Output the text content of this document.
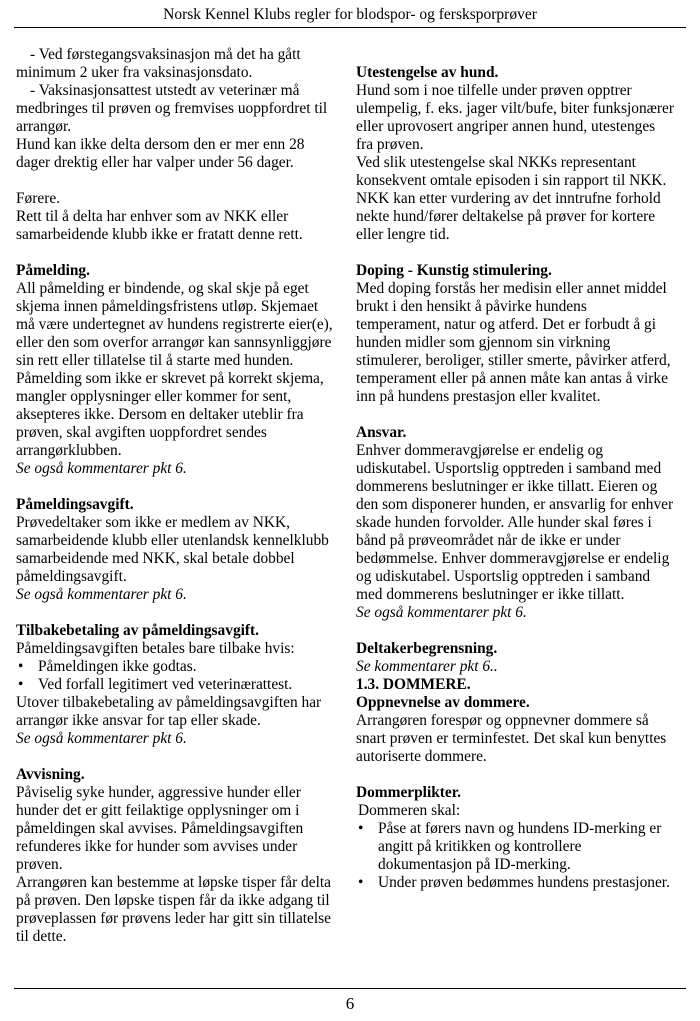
Norsk Kennel Klubs regler for blodspor- og fersksporprøver

- Ved førstegangsvaksinasjon må det ha gått minimum 2 uker fra vaksinasjonsdato.

- Vaksinasjonsattest utstedt av veterinær må medbringes til prøven og fremvises uoppfordret til arrangør.

Hund kan ikke delta dersom den er mer enn 28 dager drektig eller har valper under 56 dager.

Førere.

Rett til å delta har enhver som av NKK eller samarbeidende klubb ikke er fratatt denne rett.

Påmelding.

All påmelding er bindende, og skal skje på eget skjema innen påmeldingsfristens utløp. Skjemaet må være undertegnet av hundens registrerte eier(e), eller den som overfor arrangør kan sannsynliggjøre sin rett eller tillatelse til å starte med hunden. Påmelding som ikke er skrevet på korrekt skjema, mangler opplysninger eller kommer for sent, aksepteres ikke. Dersom en deltaker uteblir fra prøven, skal avgiften uoppfordret sendes arrangørklubben.

Se også kommentarer pkt 6.

Påmeldingsavgift.

Prøvedeltaker som ikke er medlem av NKK, samarbeidende klubb eller utenlandsk kennelklubb samarbeidende med NKK, skal betale dobbel påmeldingsavgift.

Se også kommentarer pkt 6.

Tilbakebetaling av påmeldingsavgift.

Påmeldingsavgiften betales bare tilbake hvis:

• Påmeldingen ikke godtas.
• Ved forfall legitimert ved veterinærattest.

Utover tilbakebetaling av påmeldingsavgiften har arrangør ikke ansvar for tap eller skade.

Se også kommentarer pkt 6.

Avvisning.

Påviselig syke hunder, aggressive hunder eller hunder det er gitt feilaktige opplysninger om i påmeldingen skal avvises. Påmeldingsavgiften refunderes ikke for hunder som avvises under prøven.

Arrangøren kan bestemme at løpske tisper får delta på prøven. Den løpske tispen får da ikke adgang til prøveplassen før prøvens leder har gitt sin tillatelse til dette.

Utestengelse av hund.

Hund som i noe tilfelle under prøven opptrer ulempelig, f. eks. jager vilt/bufe, biter funksjonærer eller uprovosert angriper annen hund, utestenges fra prøven.

Ved slik utestengelse skal NKKs representant konsekvent omtale episoden i sin rapport til NKK. NKK kan etter vurdering av det inntrufne forhold nekte hund/fører deltakelse på prøver for kortere eller lengre tid.

Doping - Kunstig stimulering.

Med doping forstås her medisin eller annet middel brukt i den hensikt å påvirke hundens temperament, natur og atferd. Det er forbudt å gi hunden midler som gjennom sin virkning stimulerer, beroliger, stiller smerte, påvirker atferd, temperament eller på annen måte kan antas å virke inn på hundens prestasjon eller kvalitet.

Ansvar.

Enhver dommeravgjørelse er endelig og udiskutabel. Usportslig opptreden i samband med dommerens beslutninger er ikke tillatt. Eieren og den som disponerer hunden, er ansvarlig for enhver skade hunden forvolder. Alle hunder skal føres i bånd på prøveområdet når de ikke er under bedømmelse. Enhver dommeravgjørelse er endelig og udiskutabel. Usportslig opptreden i samband med dommerens beslutninger er ikke tillatt.

Se også kommentarer pkt 6.

Deltakerbegrensning.

Se kommentarer pkt 6..

1.3. DOMMERE.

Oppnevnelse av dommere.

Arrangøren forespør og oppnevner dommere så snart prøven er terminfestet. Det skal kun benyttes autoriserte dommere.

Dommerplikter.

Dommeren skal:

• Påse at førers navn og hundens ID-merking er angitt på kritikken og kontrollere dokumentasjon på ID-merking.
• Under prøven bedømmes hundens prestasjoner.
6
